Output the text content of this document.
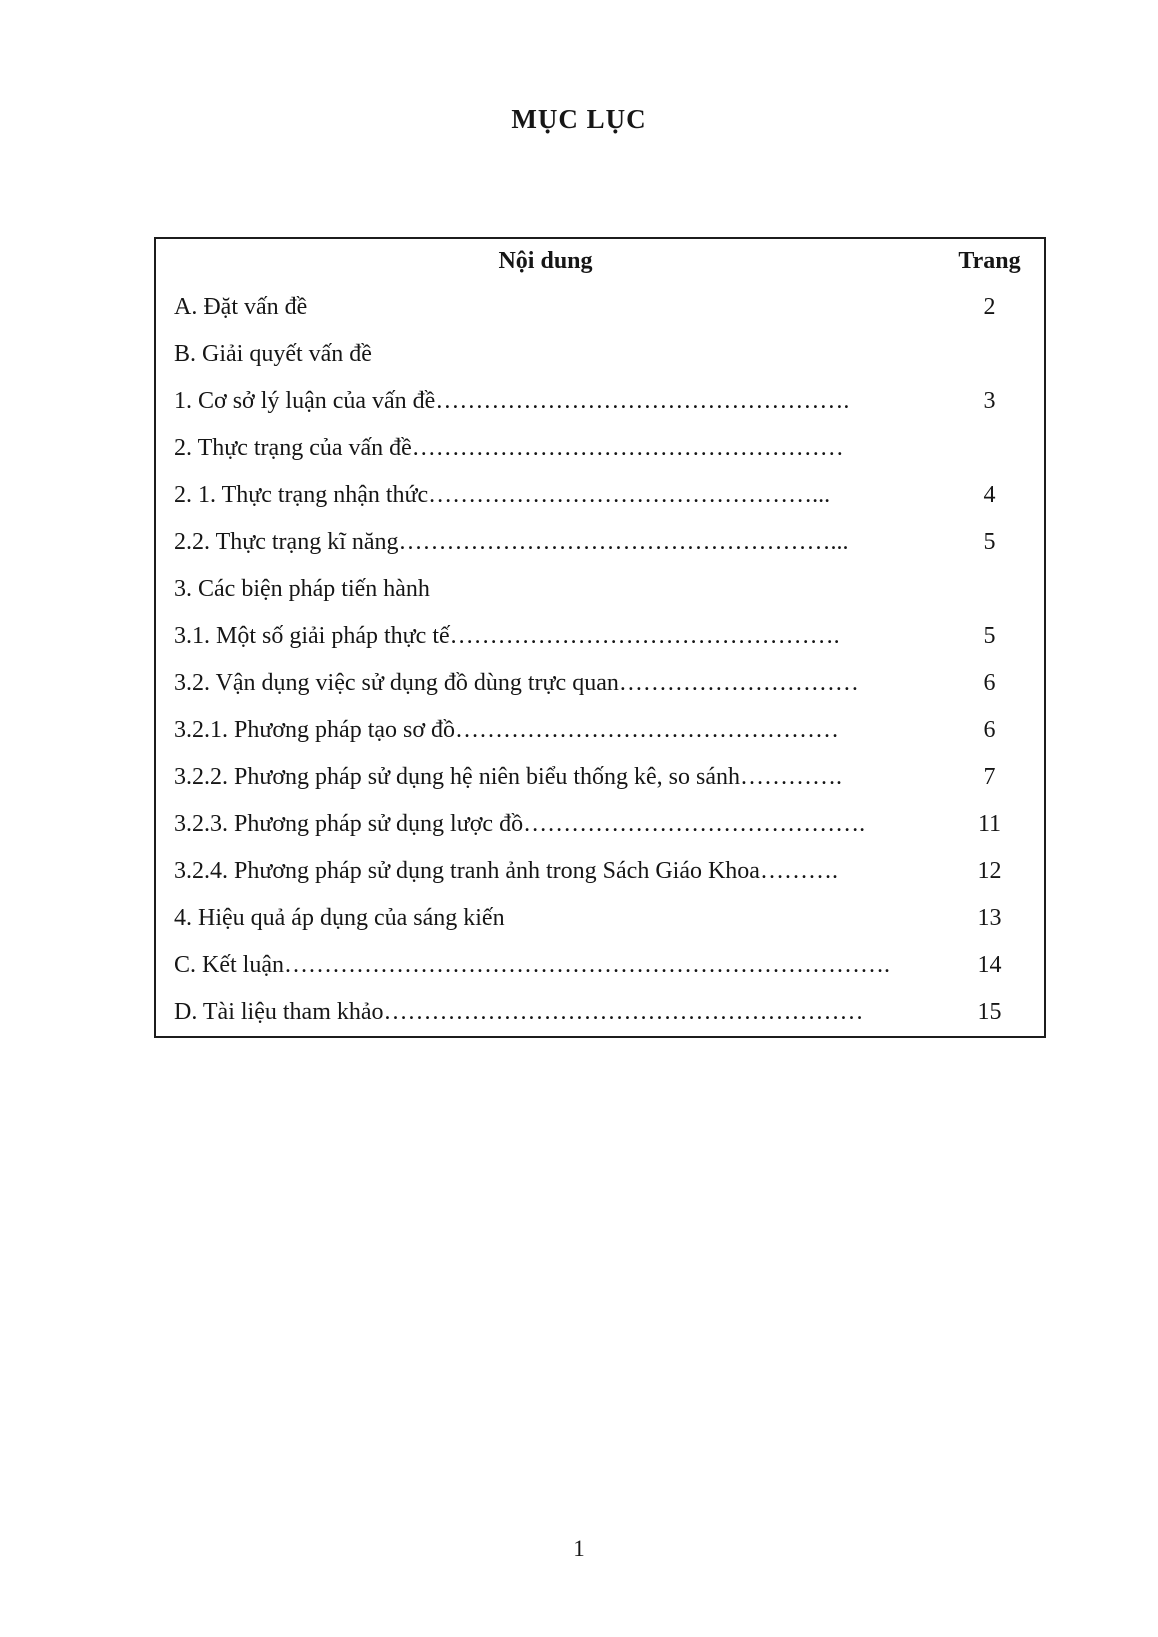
MỤC LỤC
Nội dung	Trang

A. Đặt vấn đề	2

B. Giải quyết vấn đề	

1. Cơ sở lý luận của vấn đề…………………………………………….	3

2. Thực trạng của vấn đề………………………………………………	

2. 1. Thực trạng nhận thức…………………………………………...	4

2.2. Thực trạng kĩ năng………………………………………………...	5

3. Các biện pháp tiến hành	

3.1. Một số giải pháp thực tế………………………………………….	5

3.2. Vận dụng việc sử dụng đồ dùng trực quan…………………………	6

3.2.1. Phương pháp tạo sơ đồ…………………………………………	6

3.2.2. Phương pháp sử dụng hệ niên biểu thống kê, so sánh………….	7

3.2.3. Phương pháp sử dụng lược đồ…………………………………….	11

3.2.4. Phương pháp sử dụng tranh ảnh trong Sách Giáo Khoa……….	12

4. Hiệu quả áp dụng của sáng kiến	13

C. Kết luận………………………………………………………………….	14

D. Tài liệu tham khảo……………………………………………………	15
1
